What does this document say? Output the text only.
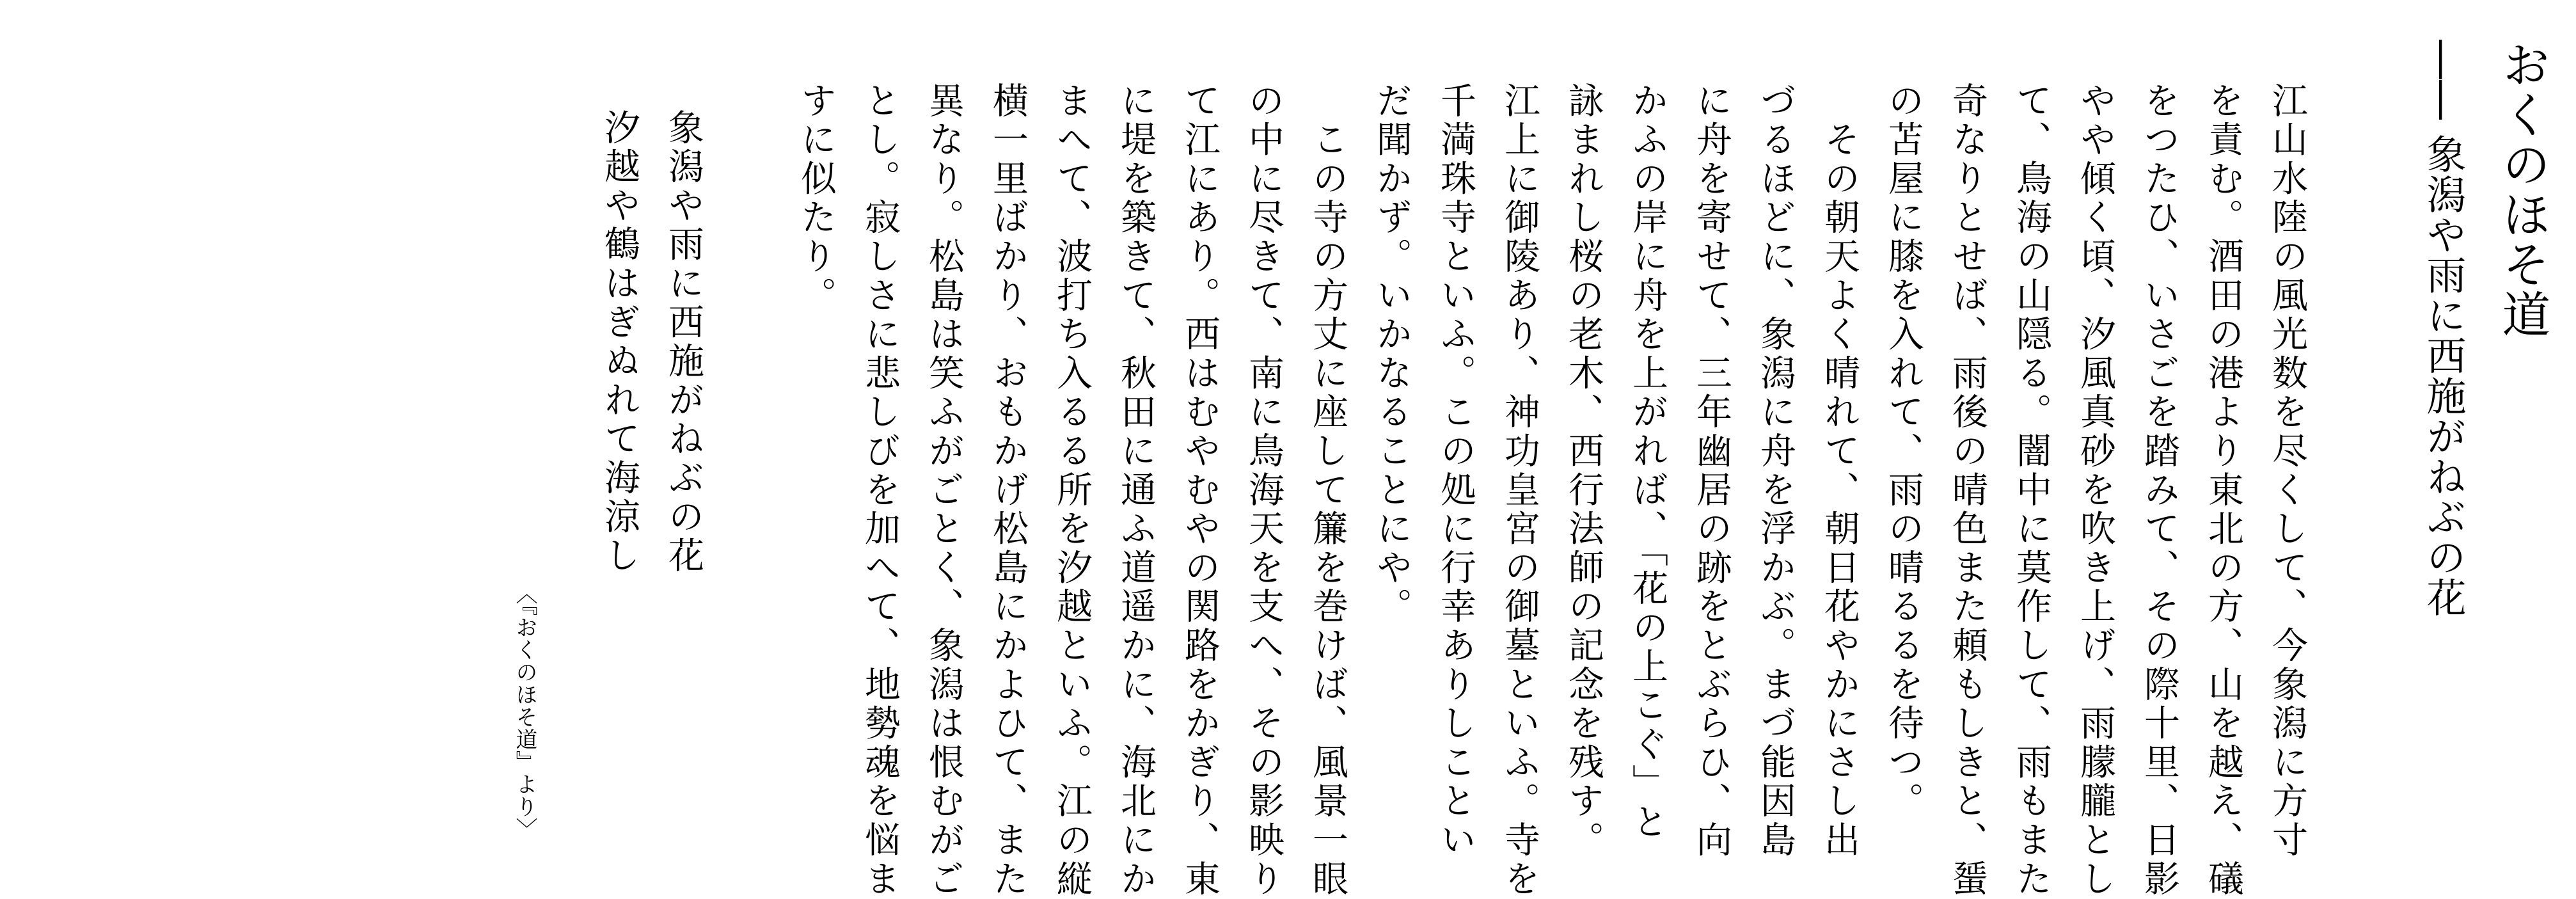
おくのほそ道
―― 象潟や雨に西施がねぶの花
江山水陸の風光数を尽くして、今象潟に方寸
を責む。酒田の港より東北の方、山を越え、礒
をつたひ、いさごを踏みて、その際十里、日影
やや傾く頃、汐風真砂を吹き上げ、雨朦朧とし
て、鳥海の山隠る。闇中に莫作して、雨もまた
奇なりとせば、雨後の晴色また頼もしきと、蜑
の苫屋に膝を入れて、雨の晴るるを待つ。
　その朝天よく晴れて、朝日花やかにさし出
づるほどに、象潟に舟を浮かぶ。まづ能因島
に舟を寄せて、三年幽居の跡をとぶらひ、向
かふの岸に舟を上がれば、「花の上こぐ」と
詠まれし桜の老木、西行法師の記念を残す。
江上に御陵あり、神功皇宮の御墓といふ。寺を
千満珠寺といふ。この処に行幸ありしことい
だ聞かず。いかなることにや。
　この寺の方丈に座して簾を巻けば、風景一眼
の中に尽きて、南に鳥海天を支へ、その影映り
て江にあり。西はむやむやの関路をかぎり、東
に堤を築きて、秋田に通ふ道遥かに、海北にか
まへて、波打ち入るる所を汐越といふ。江の縦
横一里ばかり、おもかげ松島にかよひて、また
異なり。松島は笑ふがごとく、象潟は恨むがご
とし。寂しさに悲しびを加へて、地勢魂を悩ま
すに似たり。
象潟や雨に西施がねぶの花
汐越や鶴はぎぬれて海涼し
〈『おくのほそ道』より〉
